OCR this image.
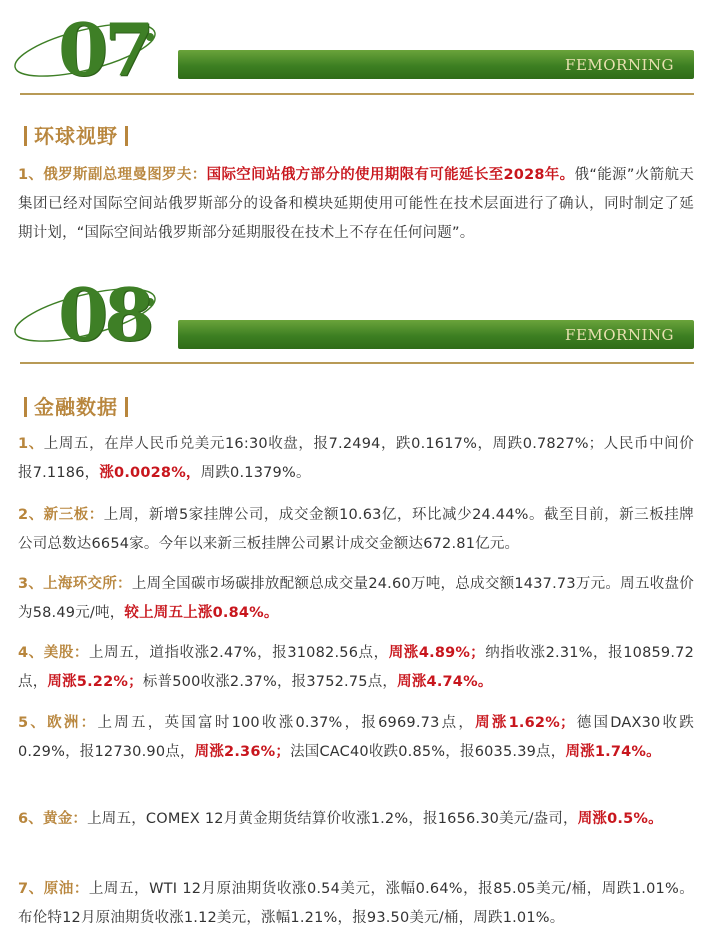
07	FEMORNING
环球视野
1、俄罗斯副总理曼图罗夫：国际空间站俄方部分的使用期限有可能延长至2028年。俄“能源”火箭航天集团已经对国际空间站俄罗斯部分的设备和模块延期使用可能性在技术层面进行了确认，同时制定了延期计划，“国际空间站俄罗斯部分延期服役在技术上不存在任何问题”。
08	FEMORNING
金融数据
1、上周五，在岸人民币兑美元16:30收盘，报7.2494，跌0.1617%，周跌0.7827%；人民币中间价报7.1186，涨0.0028%，周跌0.1379%。
2、新三板：上周，新增5家挂牌公司，成交金额10.63亿，环比减少24.44%。截至目前，新三板挂牌公司总数达6654家。今年以来新三板挂牌公司累计成交金额达672.81亿元。
3、上海环交所：上周全国碳市场碳排放配额总成交量24.60万吨，总成交额1437.73万元。周五收盘价为58.49元/吨，较上周五上涨0.84%。
4、美股：上周五，道指收涨2.47%，报31082.56点，周涨4.89%；纳指收涨2.31%，报10859.72点，周涨5.22%；标普500收涨2.37%，报3752.75点，周涨4.74%。
5、欧洲：上周五，英国富时100收涨0.37%，报6969.73点，周涨1.62%；德国DAX30收跌0.29%，报12730.90点，周涨2.36%；法国CAC40收跌0.85%，报6035.39点，周涨1.74%。
6、黄金：上周五，COMEX 12月黄金期货结算价收涨1.2%，报1656.30美元/盎司，周涨0.5%。
7、原油：上周五，WTI 12月原油期货收涨0.54美元，涨幅0.64%，报85.05美元/桶，周跌1.01%。布伦特12月原油期货收涨1.12美元，涨幅1.21%，报93.50美元/桶，周跌1.01%。
